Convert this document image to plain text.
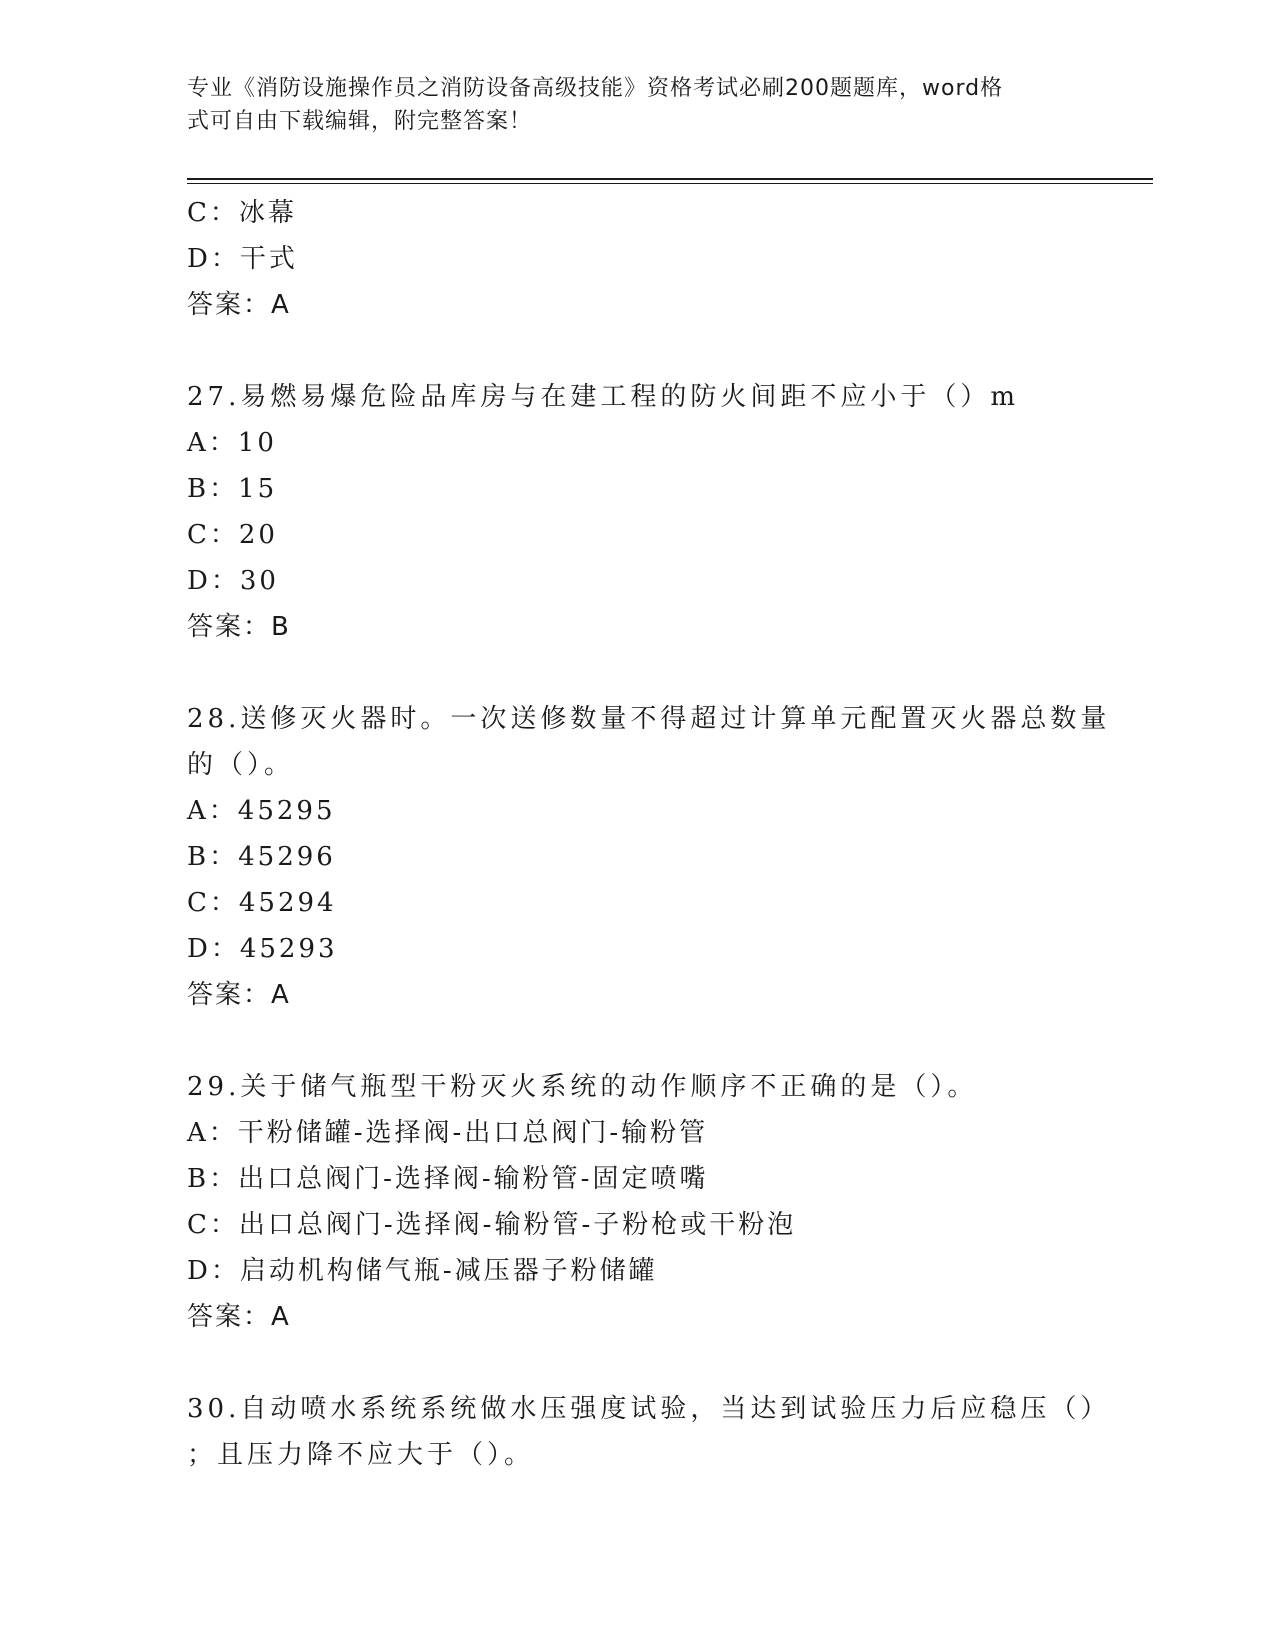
专业《消防设施操作员之消防设备高级技能》资格考试必刷200题题库，word格
式可自由下载编辑，附完整答案！
C：冰幕
D：干式
答案：A
27.易燃易爆危险品库房与在建工程的防火间距不应小于（）m
A：10
B：15
C：20
D：30
答案：B
28.送修灭火器时。一次送修数量不得超过计算单元配置灭火器总数量
的（）。
A：45295
B：45296
C：45294
D：45293
答案：A
29.关于储气瓶型干粉灭火系统的动作顺序不正确的是（）。
A：干粉储罐-选择阀-出口总阀门-输粉管
B：出口总阀门-选择阀-输粉管-固定喷嘴
C：出口总阀门-选择阀-输粉管-子粉枪或干粉泡
D：启动机构储气瓶-减压器子粉储罐
答案：A
30.自动喷水系统系统做水压强度试验，当达到试验压力后应稳压（）
；且压力降不应大于（）。
